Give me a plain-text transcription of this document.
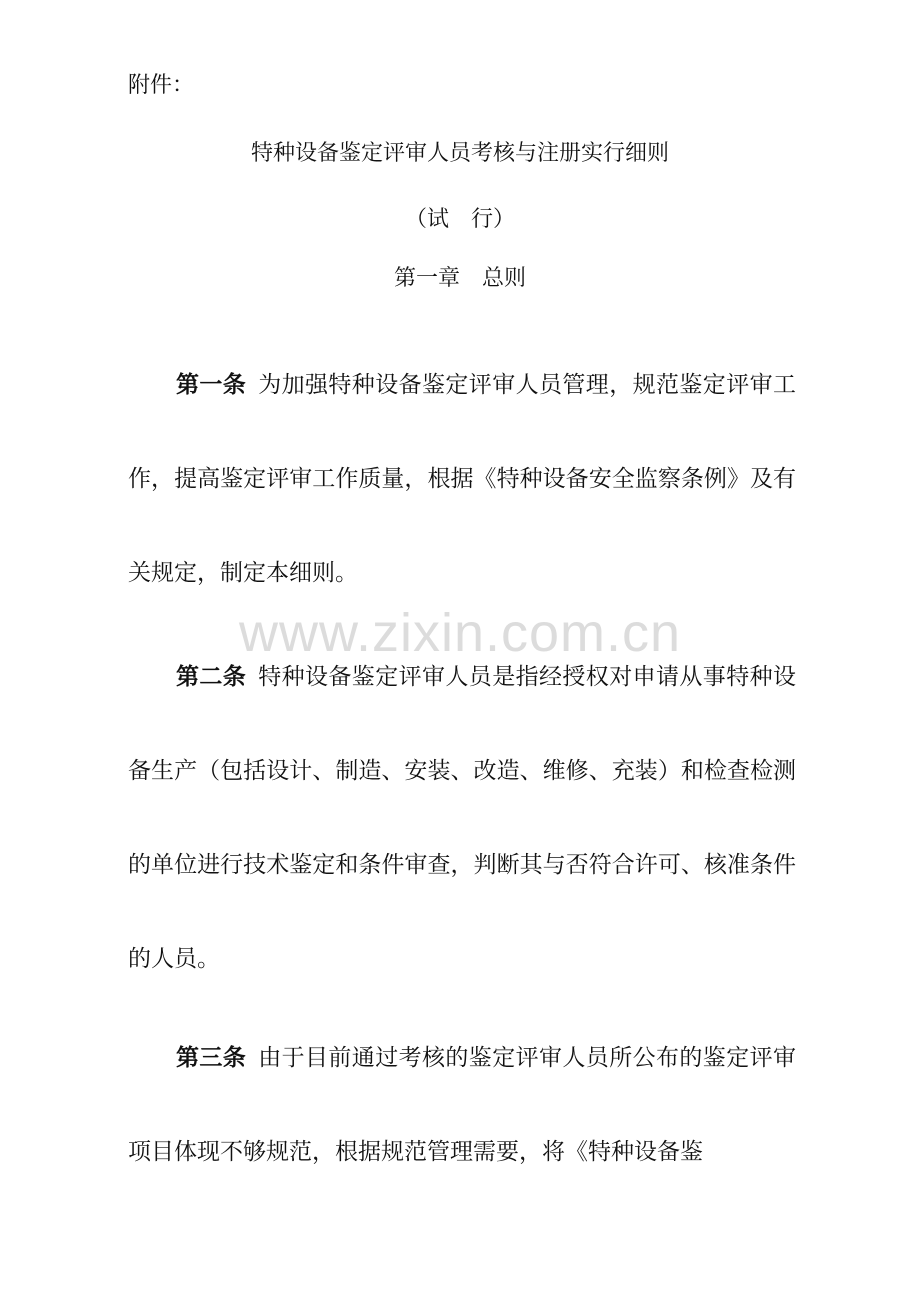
附件：
特种设备鉴定评审人员考核与注册实行细则
（试　行）
第一章　总则
www.zixin.com.cn

第一条 为加强特种设备鉴定评审人员管理，规范鉴定评审工作，提高鉴定评审工作质量，根据《特种设备安全监察条例》及有关规定，制定本细则。

第二条 特种设备鉴定评审人员是指经授权对申请从事特种设备生产（包括设计、制造、安装、改造、维修、充装）和检查检测的单位进行技术鉴定和条件审查，判断其与否符合许可、核准条件的人员。

第三条 由于目前通过考核的鉴定评审人员所公布的鉴定评审项目体现不够规范，根据规范管理需要，将《特种设备鉴
